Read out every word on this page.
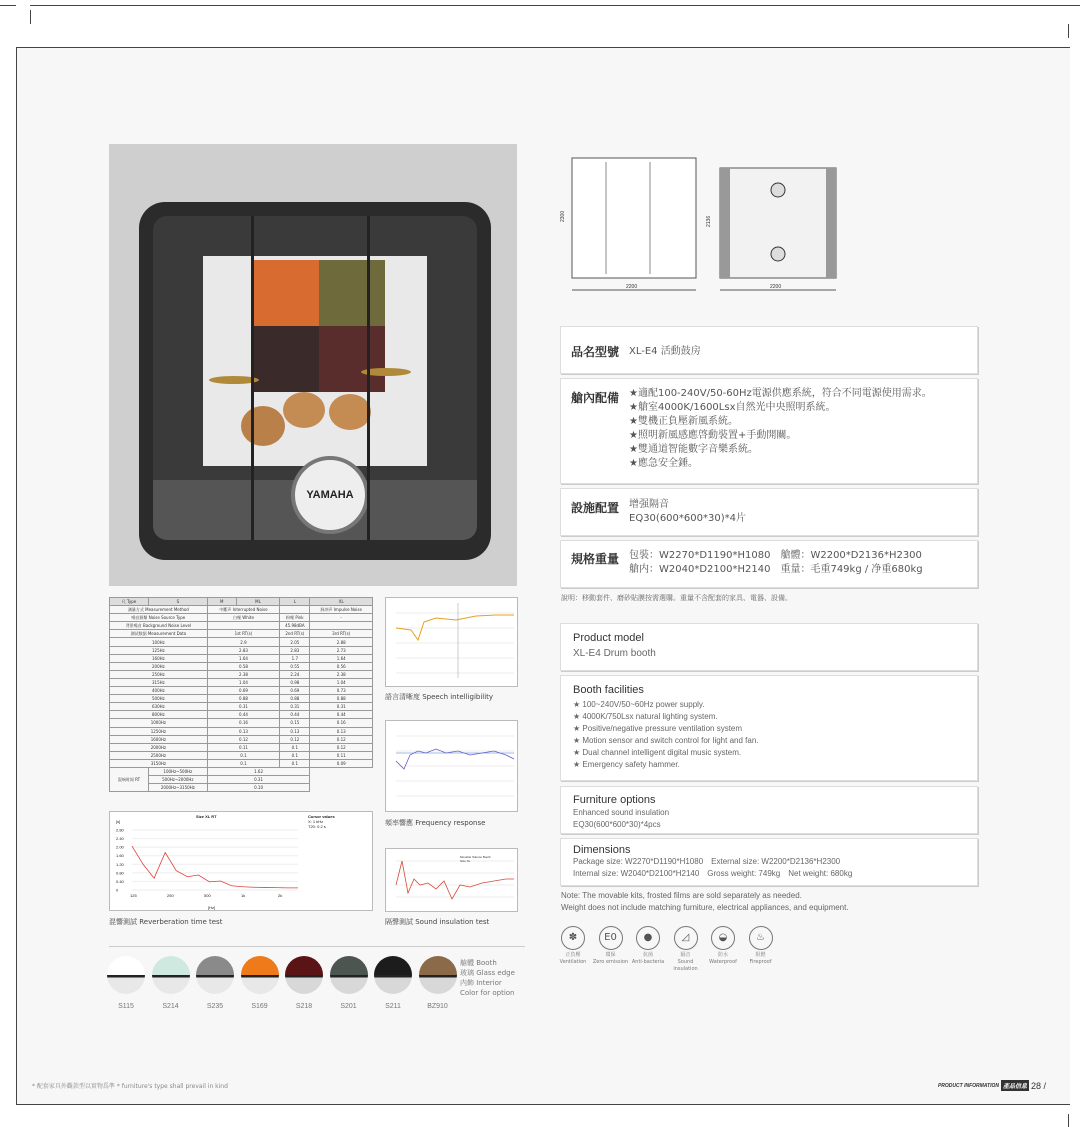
YAMAHA
2200	2200
2300	2136
品名型號 XL-E4 活動鼓房
艙內配備 ★適配100-240V/50-60Hz電源供應系統，符合不同電源使用需求。
★艙室4000K/1600Lsx自然光中央照明系統。
★雙機正負壓新風系統。
★照明新風感應啓動裝置+手動開關。
★雙通道智能數字音樂系統。
★應急安全錘。
設施配置 增强隔音
EQ30(600*600*30)*4片
規格重量 包裝：W2270*D1190*H1080　艙體：W2200*D2136*H2300
艙内：W2040*D2100*H2140　重量：毛重749kg / 净重680kg
說明：移動套件、磨砂貼膜按需選購。重量不含配套的家具、電器、設備。
Product model
XL-E4 Drum booth
Booth facilities
★ 100~240V/50~60Hz power supply.
★ 4000K/750Lsx natural lighting system.
★ Positive/negative pressure ventilation system
★ Motion sensor and switch control for light and fan.
★ Dual channel intelligent digital music system.
★ Emergency safety hammer.
Furniture options
Enhanced sound insulation
EQ30(600*600*30)*4pcs
Dimensions
Package size: W2270*D1190*H1080　External size: W2200*D2136*H2300
Internal size: W2040*D2100*H2140　Gross weight: 749kg　Net weight: 680kg
Note: The movable kits, frosted films are sold separately as needed.
Weight does not include matching furniture, electrical appliances, and equipment.
尺 Type	S	M	ML	L	XL
測量方式 Measurement Method		中斷声 Interrupted Noise			脉冲声 Impulse Noise
噪音源類 Noise Source Type		白噪 White		粉噪 Pink	-
背景噪音 Background Noise Level				45.98dBA	
测试数据 Measurement Data		1st RT(s)		2nd RT(s)	3rd RT(s)
100Hz		2.9		2.05	2.88
125Hz		2.83		2.83	2.73
160Hz		1.64		1.7	1.64
200Hz		0.58		0.55	0.56
250Hz		2.38		2.24	2.38
315Hz		1.04		0.98	1.04
400Hz		0.69		0.69	0.73
500Hz		0.88		0.88	0.88
630Hz		0.31		0.31	0.31
800Hz		0.44		0.44	0.44
1000Hz		0.16		0.15	0.16
1250Hz		0.13		0.13	0.13
1600Hz		0.12		0.12	0.12
2000Hz		0.11		0.1	0.12
2500Hz		0.1		0.1	0.11
3150Hz		0.1		0.1	0.09
混响时间 RT	100Hz~500Hz	1.62			
	500Hz~2000Hz	0.31			
	2000Hz~3150Hz	0.10			
Size XL RT	Cursor values
X: 1 kHz
T20: 0.2 s
[s]
[Hz]
2.80
2.40
2.00
1.60
1.20
0.80
0.40
0
125	250	500	1k	2k
混響測試 Reverberation time test
語言清晰度 Speech intelligibility
頻率響應 Frequency response
Movable Silence Booth
Size XL
隔聲測試 Sound insulation test
S115	S214	S235	S169	S218	S201	S211	BZ910
艙體 Booth
玻璃 Glass edge
内飾 Interior
Color for option
✽
正負壓
Ventilation
E0
環保
Zero emission
●
抗菌
Anti-bacteria
◿
隔音
Sound insulation
◒
防水
Waterproof
♨
阻燃
Fireproof
* 配套家具外觀款型以實物爲準 * furniture's type shall prevail in kind	PRODUCT INFORMATION 產品信息 28 /
